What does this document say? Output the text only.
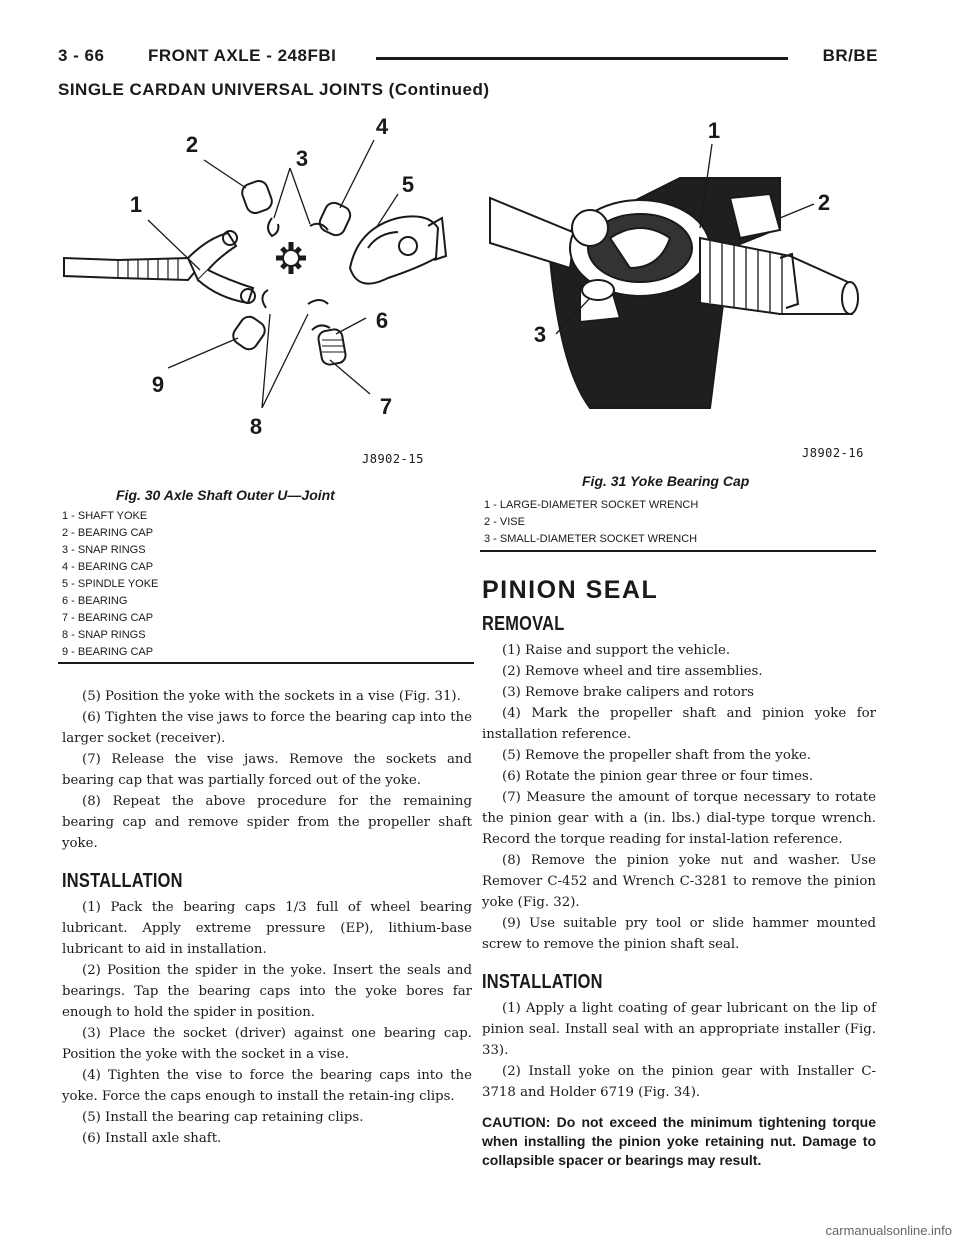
3 - 66	FRONT AXLE - 248FBI	BR/BE
SINGLE CARDAN UNIVERSAL JOINTS (Continued)
1
2
3
4
5
6
7
8
9
J8902-15
Fig. 30 Axle Shaft Outer U—Joint
1 - SHAFT YOKE
2 - BEARING CAP
3 - SNAP RINGS
4 - BEARING CAP
5 - SPINDLE YOKE
6 - BEARING
7 - BEARING CAP
8 - SNAP RINGS
9 - BEARING CAP
1
2
3
J8902-16
Fig. 31 Yoke Bearing Cap
1 - LARGE-DIAMETER SOCKET WRENCH
2 - VISE
3 - SMALL-DIAMETER SOCKET WRENCH

(5) Position the yoke with the sockets in a vise (Fig. 31).

(6) Tighten the vise jaws to force the bearing cap into the larger socket (receiver).

(7) Release the vise jaws. Remove the sockets and bearing cap that was partially forced out of the yoke.

(8) Repeat the above procedure for the remaining bearing cap and remove spider from the propeller shaft yoke.

INSTALLATION

(1) Pack the bearing caps 1/3 full of wheel bearing lubricant. Apply extreme pressure (EP), lithium-base lubricant to aid in installation.

(2) Position the spider in the yoke. Insert the seals and bearings. Tap the bearing caps into the yoke bores far enough to hold the spider in position.

(3) Place the socket (driver) against one bearing cap. Position the yoke with the socket in a vise.

(4) Tighten the vise to force the bearing caps into the yoke. Force the caps enough to install the retain-ing clips.

(5) Install the bearing cap retaining clips.

(6) Install axle shaft.

PINION SEAL
REMOVAL

(1) Raise and support the vehicle.

(2) Remove wheel and tire assemblies.

(3) Remove brake calipers and rotors

(4) Mark the propeller shaft and pinion yoke for installation reference.

(5) Remove the propeller shaft from the yoke.

(6) Rotate the pinion gear three or four times.

(7) Measure the amount of torque necessary to rotate the pinion gear with a (in. lbs.) dial-type torque wrench. Record the torque reading for instal-lation reference.

(8) Remove the pinion yoke nut and washer. Use Remover C-452 and Wrench C-3281 to remove the pinion yoke (Fig. 32).

(9) Use suitable pry tool or slide hammer mounted screw to remove the pinion shaft seal.

INSTALLATION

(1) Apply a light coating of gear lubricant on the lip of pinion seal. Install seal with an appropriate installer (Fig. 33).

(2) Install yoke on the pinion gear with Installer C-3718 and Holder 6719 (Fig. 34).

CAUTION: Do not exceed the minimum tightening torque when installing the pinion yoke retaining nut. Damage to collapsible spacer or bearings may result.

carmanualsonline.info
